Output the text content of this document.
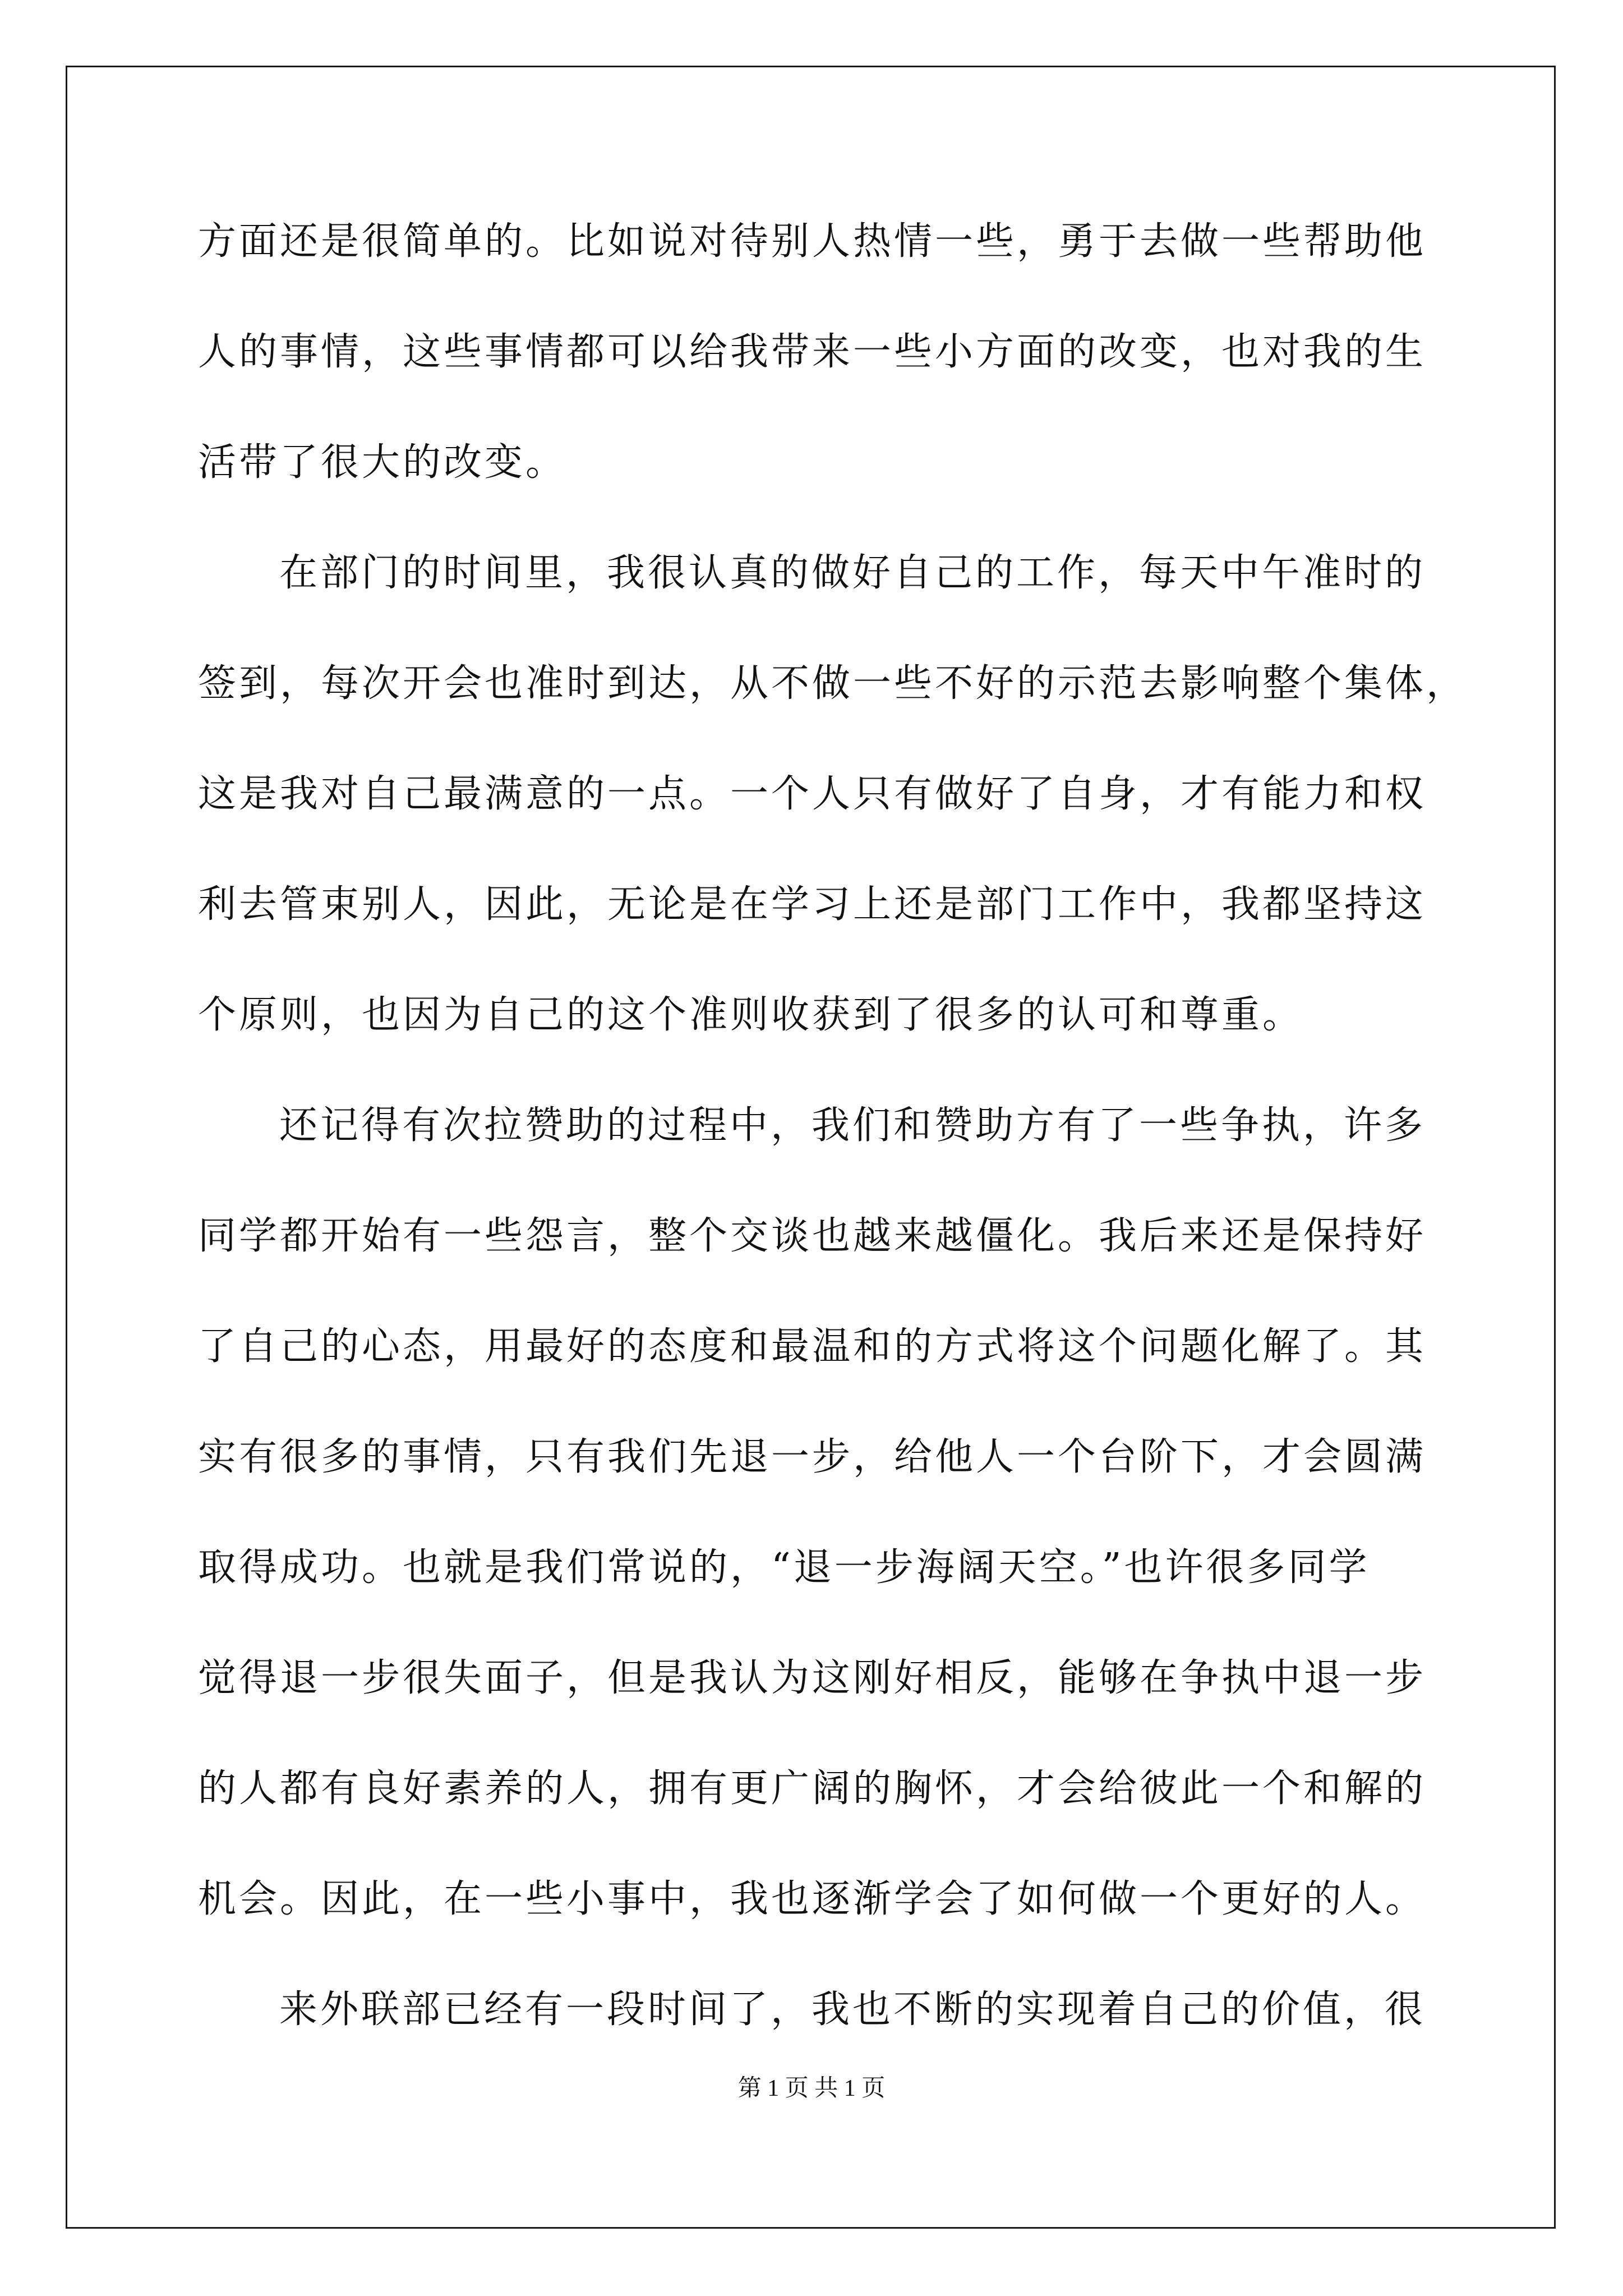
方面还是很简单的。比如说对待别人热情一些，勇于去做一些帮助他
人的事情，这些事情都可以给我带来一些小方面的改变，也对我的生
活带了很大的改变。
在部门的时间里，我很认真的做好自己的工作，每天中午准时的
签到，每次开会也准时到达，从不做一些不好的示范去影响整个集体，
这是我对自己最满意的一点。一个人只有做好了自身，才有能力和权
利去管束别人，因此，无论是在学习上还是部门工作中，我都坚持这
个原则，也因为自己的这个准则收获到了很多的认可和尊重。
还记得有次拉赞助的过程中，我们和赞助方有了一些争执，许多
同学都开始有一些怨言，整个交谈也越来越僵化。我后来还是保持好
了自己的心态，用最好的态度和最温和的方式将这个问题化解了。其
实有很多的事情，只有我们先退一步，给他人一个台阶下，才会圆满
取得成功。也就是我们常说的，“退一步海阔天空。”也许很多同学
觉得退一步很失面子，但是我认为这刚好相反，能够在争执中退一步
的人都有良好素养的人，拥有更广阔的胸怀，才会给彼此一个和解的
机会。因此，在一些小事中，我也逐渐学会了如何做一个更好的人。
来外联部已经有一段时间了，我也不断的实现着自己的价值，很
第 1 页 共 1 页
